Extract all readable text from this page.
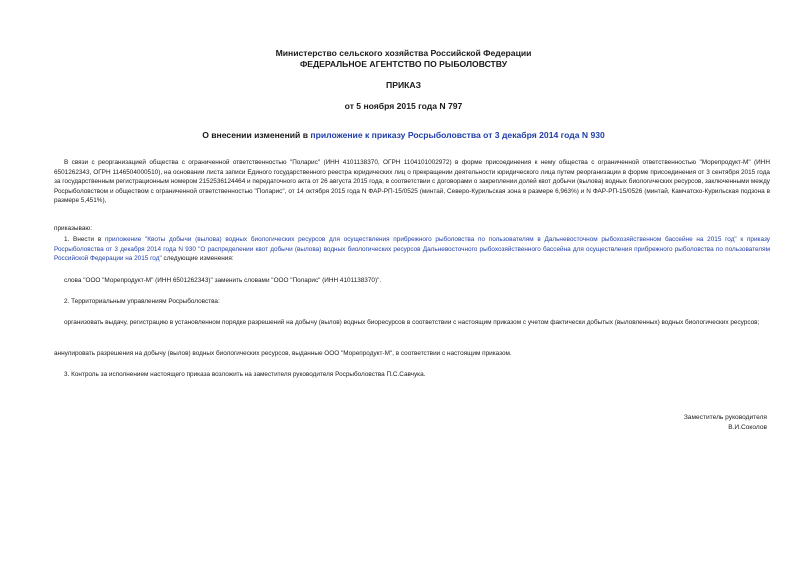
Министерство сельского хозяйства Российской Федерации
ФЕДЕРАЛЬНОЕ АГЕНТСТВО ПО РЫБОЛОВСТВУ
ПРИКАЗ
от 5 ноября 2015 года N 797
О внесении изменений в приложение к приказу Росрыболовства от 3 декабря 2014 года N 930
В связи с реорганизацией общества с ограниченной ответственностью "Поларис" (ИНН 4101138370, ОГРН 1104101002972) в форме присоединения к нему общества с ограниченной ответственностью "Морепродукт-М" (ИНН 6501262343, ОГРН 1146504000510), на основании листа записи Единого государственного реестра юридических лиц о прекращении деятельности юридического лица путем реорганизации в форме присоединения от 3 сентября 2015 года за государственным регистрационным номером 2152536124464 и передаточного акта от 26 августа 2015 года, в соответствии с договорами о закреплении долей квот добычи (вылова) водных биологических ресурсов, заключенными между Росрыболовством и обществом с ограниченной ответственностью "Поларис", от 14 октября 2015 года N ФАР-РП-15/0525 (минтай, Северо-Курильская зона в размере 6,963%) и N ФАР-РП-15/0526 (минтай, Камчатско-Курильская подзона в размере 5,451%),
приказываю:
1. Внести в приложение "Квоты добычи (вылова) водных биологических ресурсов для осуществления прибрежного рыболовства по пользователям в Дальневосточном рыбохозяйственном бассейне на 2015 год" к приказу Росрыболовства от 3 декабря 2014 года N 930 "О распределении квот добычи (вылова) водных биологических ресурсов Дальневосточного рыбохозяйственного бассейна для осуществления прибрежного рыболовства по пользователям Российской Федерации на 2015 год" следующие изменения:
слова "ООО "Морепродукт-М" (ИНН 6501262343)" заменить словами "ООО "Поларис" (ИНН 4101138370)".
2. Территориальным управлениям Росрыболовства:
организовать выдачу, регистрацию в установленном порядке разрешений на добычу (вылов) водных биоресурсов в соответствии с настоящим приказом с учетом фактически добытых (выловленных) водных биологических ресурсов;
аннулировать разрешения на добычу (вылов) водных биологических ресурсов, выданные ООО "Морепродукт-М", в соответствии с настоящим приказом.
3. Контроль за исполнением настоящего приказа возложить на заместителя руководителя Росрыболовства П.С.Савчука.
Заместитель руководителя
В.И.Соколов
